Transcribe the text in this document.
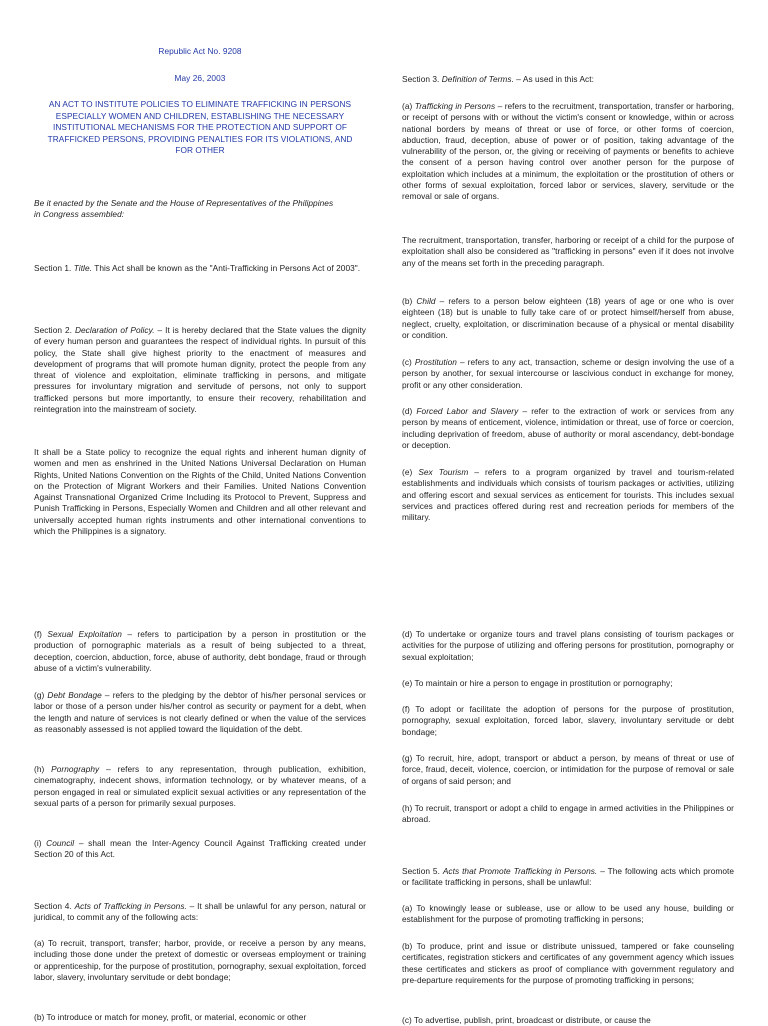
Republic Act No. 9208

May 26, 2003

AN ACT TO INSTITUTE POLICIES TO ELIMINATE TRAFFICKING IN PERSONS ESPECIALLY WOMEN AND CHILDREN, ESTABLISHING THE NECESSARY INSTITUTIONAL MECHANISMS FOR THE PROTECTION AND SUPPORT OF TRAFFICKED PERSONS, PROVIDING PENALTIES FOR ITS VIOLATIONS, AND FOR OTHER

Be it enacted by the Senate and the House of Representatives of the Philippines in Congress assembled:

Section 1. Title. This Act shall be known as the "Anti-Trafficking in Persons Act of 2003".

Section 2. Declaration of Policy. – It is hereby declared that the State values the dignity of every human person and guarantees the respect of individual rights. In pursuit of this policy, the State shall give highest priority to the enactment of measures and development of programs that will promote human dignity, protect the people from any threat of violence and exploitation, eliminate trafficking in persons, and mitigate pressures for involuntary migration and servitude of persons, not only to support trafficked persons but more importantly, to ensure their recovery, rehabilitation and reintegration into the mainstream of society.

It shall be a State policy to recognize the equal rights and inherent human dignity of women and men as enshrined in the United Nations Universal Declaration on Human Rights, United Nations Convention on the Rights of the Child, United Nations Convention on the Protection of Migrant Workers and their Families. United Nations Convention Against Transnational Organized Crime Including its Protocol to Prevent, Suppress and Punish Trafficking in Persons, Especially Women and Children and all other relevant and universally accepted human rights instruments and other international conventions to which the Philippines is a signatory.

Section 3. Definition of Terms. – As used in this Act:

(a) Trafficking in Persons – refers to the recruitment, transportation, transfer or harboring, or receipt of persons with or without the victim's consent or knowledge, within or across national borders by means of threat or use of force, or other forms of coercion, abduction, fraud, deception, abuse of power or of position, taking advantage of the vulnerability of the person, or, the giving or receiving of payments or benefits to achieve the consent of a person having control over another person for the purpose of exploitation which includes at a minimum, the exploitation or the prostitution of others or other forms of sexual exploitation, forced labor or services, slavery, servitude or the removal or sale of organs.

The recruitment, transportation, transfer, harboring or receipt of a child for the purpose of exploitation shall also be considered as "trafficking in persons" even if it does not involve any of the means set forth in the preceding paragraph.

(b) Child – refers to a person below eighteen (18) years of age or one who is over eighteen (18) but is unable to fully take care of or protect himself/herself from abuse, neglect, cruelty, exploitation, or discrimination because of a physical or mental disability or condition.

(c) Prostitution – refers to any act, transaction, scheme or design involving the use of a person by another, for sexual intercourse or lascivious conduct in exchange for money, profit or any other consideration.

(d) Forced Labor and Slavery – refer to the extraction of work or services from any person by means of enticement, violence, intimidation or threat, use of force or coercion, including deprivation of freedom, abuse of authority or moral ascendancy, debt-bondage or deception.

(e) Sex Tourism – refers to a program organized by travel and tourism-related establishments and individuals which consists of tourism packages or activities, utilizing and offering escort and sexual services as enticement for tourists. This includes sexual services and practices offered during rest and recreation periods for members of the military.

(f) Sexual Exploitation – refers to participation by a person in prostitution or the production of pornographic materials as a result of being subjected to a threat, deception, coercion, abduction, force, abuse of authority, debt bondage, fraud or through abuse of a victim's vulnerability.

(g) Debt Bondage – refers to the pledging by the debtor of his/her personal services or labor or those of a person under his/her control as security or payment for a debt, when the length and nature of services is not clearly defined or when the value of the services as reasonably assessed is not applied toward the liquidation of the debt.

(h) Pornography – refers to any representation, through publication, exhibition, cinematography, indecent shows, information technology, or by whatever means, of a person engaged in real or simulated explicit sexual activities or any representation of the sexual parts of a person for primarily sexual purposes.

(i) Council – shall mean the Inter-Agency Council Against Trafficking created under Section 20 of this Act.

Section 4. Acts of Trafficking in Persons. – It shall be unlawful for any person, natural or juridical, to commit any of the following acts:

(a) To recruit, transport, transfer; harbor, provide, or receive a person by any means, including those done under the pretext of domestic or overseas employment or training or apprenticeship, for the purpose of prostitution, pornography, sexual exploitation, forced labor, slavery, involuntary servitude or debt bondage;

(b) To introduce or match for money, profit, or material, economic or other

(d) To undertake or organize tours and travel plans consisting of tourism packages or activities for the purpose of utilizing and offering persons for prostitution, pornography or sexual exploitation;

(e) To maintain or hire a person to engage in prostitution or pornography;

(f) To adopt or facilitate the adoption of persons for the purpose of prostitution, pornography, sexual exploitation, forced labor, slavery, involuntary servitude or debt bondage;

(g) To recruit, hire, adopt, transport or abduct a person, by means of threat or use of force, fraud, deceit, violence, coercion, or intimidation for the purpose of removal or sale of organs of said person; and

(h) To recruit, transport or adopt a child to engage in armed activities in the Philippines or abroad.

Section 5. Acts that Promote Trafficking in Persons. – The following acts which promote or facilitate trafficking in persons, shall be unlawful:

(a) To knowingly lease or sublease, use or allow to be used any house, building or establishment for the purpose of promoting trafficking in persons;

(b) To produce, print and issue or distribute unissued, tampered or fake counseling certificates, registration stickers and certificates of any government agency which issues these certificates and stickers as proof of compliance with government regulatory and pre-departure requirements for the purpose of promoting trafficking in persons;

(c) To advertise, publish, print, broadcast or distribute, or cause the
